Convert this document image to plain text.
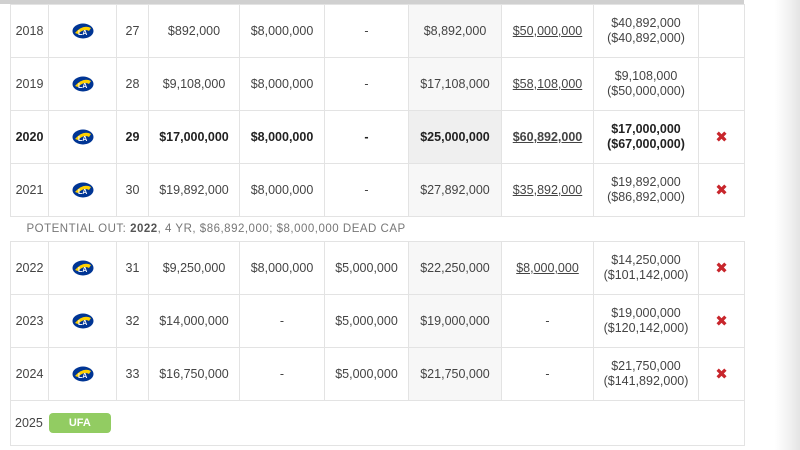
2018	LA	27	$892,000	$8,000,000	-	$8,892,000	$50,000,000	$40,892,000
($40,892,000)	
2019	LA	28	$9,108,000	$8,000,000	-	$17,108,000	$58,108,000	$9,108,000
($50,000,000)	
2020	LA	29	$17,000,000	$8,000,000	-	$25,000,000	$60,892,000	$17,000,000
($67,000,000)	✖
2021	LA	30	$19,892,000	$8,000,000	-	$27,892,000	$35,892,000	$19,892,000
($86,892,000)	✖
POTENTIAL OUT: 2022, 4 YR, $86,892,000; $8,000,000 DEAD CAP									
2022	LA	31	$9,250,000	$8,000,000	$5,000,000	$22,250,000	$8,000,000	$14,250,000
($101,142,000)	✖
2023	LA	32	$14,000,000	-	$5,000,000	$19,000,000	-	$19,000,000
($120,142,000)	✖
2024	LA	33	$16,750,000	-	$5,000,000	$21,750,000	-	$21,750,000
($141,892,000)	✖
2025 UFA									
